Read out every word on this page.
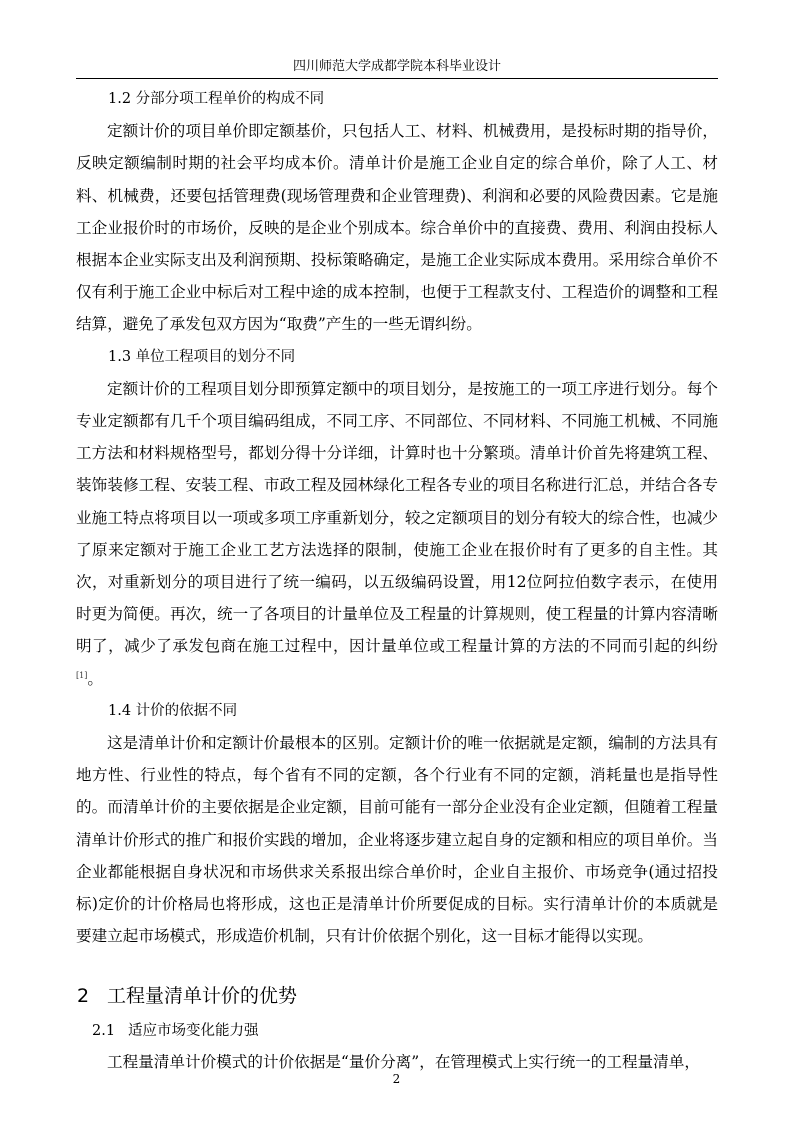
四川师范大学成都学院本科毕业设计

1.2 分部分项工程单价的构成不同

定额计价的项目单价即定额基价，只包括人工、材料、机械费用，是投标时期的指导价，反映定额编制时期的社会平均成本价。清单计价是施工企业自定的综合单价，除了人工、材料、机械费，还要包括管理费(现场管理费和企业管理费)、利润和必要的风险费因素。它是施工企业报价时的市场价，反映的是企业个别成本。综合单价中的直接费、费用、利润由投标人根据本企业实际支出及利润预期、投标策略确定，是施工企业实际成本费用。采用综合单价不仅有利于施工企业中标后对工程中途的成本控制，也便于工程款支付、工程造价的调整和工程结算，避免了承发包双方因为“取费”产生的一些无谓纠纷。

1.3 单位工程项目的划分不同

定额计价的工程项目划分即预算定额中的项目划分，是按施工的一项工序进行划分。每个专业定额都有几千个项目编码组成，不同工序、不同部位、不同材料、不同施工机械、不同施工方法和材料规格型号，都划分得十分详细，计算时也十分繁琐。清单计价首先将建筑工程、装饰装修工程、安装工程、市政工程及园林绿化工程各专业的项目名称进行汇总，并结合各专业施工特点将项目以一项或多项工序重新划分，较之定额项目的划分有较大的综合性，也减少了原来定额对于施工企业工艺方法选择的限制，使施工企业在报价时有了更多的自主性。其次，对重新划分的项目进行了统一编码，以五级编码设置，用12位阿拉伯数字表示，在使用时更为简便。再次，统一了各项目的计量单位及工程量的计算规则，使工程量的计算内容清晰明了，减少了承发包商在施工过程中，因计量单位或工程量计算的方法的不同而引起的纠纷[1]。

1.4 计价的依据不同

这是清单计价和定额计价最根本的区别。定额计价的唯一依据就是定额，编制的方法具有地方性、行业性的特点，每个省有不同的定额，各个行业有不同的定额，消耗量也是指导性的。而清单计价的主要依据是企业定额，目前可能有一部分企业没有企业定额，但随着工程量清单计价形式的推广和报价实践的增加，企业将逐步建立起自身的定额和相应的项目单价。当企业都能根据自身状况和市场供求关系报出综合单价时，企业自主报价、市场竞争(通过招投标)定价的计价格局也将形成，这也正是清单计价所要促成的目标。实行清单计价的本质就是要建立起市场模式，形成造价机制，只有计价依据个别化，这一目标才能得以实现。

2 工程量清单计价的优势
2.1 适应市场变化能力强

工程量清单计价模式的计价依据是“量价分离”，在管理模式上实行统一的工程量清单，

2
